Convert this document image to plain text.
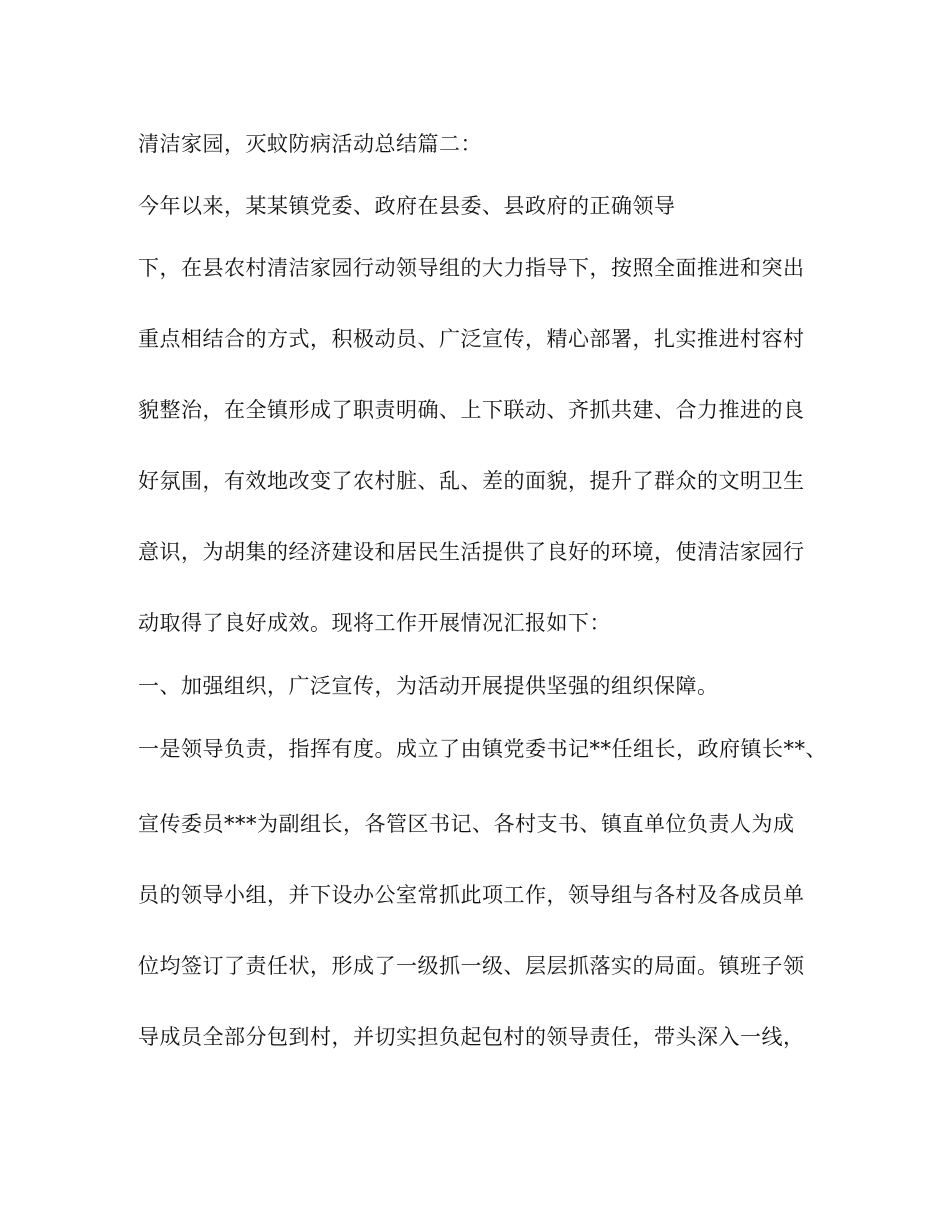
清洁家园，灭蚊防病活动总结篇二：
今年以来，某某镇党委、政府在县委、县政府的正确领导
下，在县农村清洁家园行动领导组的大力指导下，按照全面推进和突出
重点相结合的方式，积极动员、广泛宣传，精心部署，扎实推进村容村
貌整治，在全镇形成了职责明确、上下联动、齐抓共建、合力推进的良
好氛围，有效地改变了农村脏、乱、差的面貌，提升了群众的文明卫生
意识，为胡集的经济建设和居民生活提供了良好的环境，使清洁家园行
动取得了良好成效。现将工作开展情况汇报如下：
一、加强组织，广泛宣传，为活动开展提供坚强的组织保障。
一是领导负责，指挥有度。成立了由镇党委书记**任组长，政府镇长**、
宣传委员***为副组长，各管区书记、各村支书、镇直单位负责人为成
员的领导小组，并下设办公室常抓此项工作，领导组与各村及各成员单
位均签订了责任状，形成了一级抓一级、层层抓落实的局面。镇班子领
导成员全部分包到村，并切实担负起包村的领导责任，带头深入一线，
